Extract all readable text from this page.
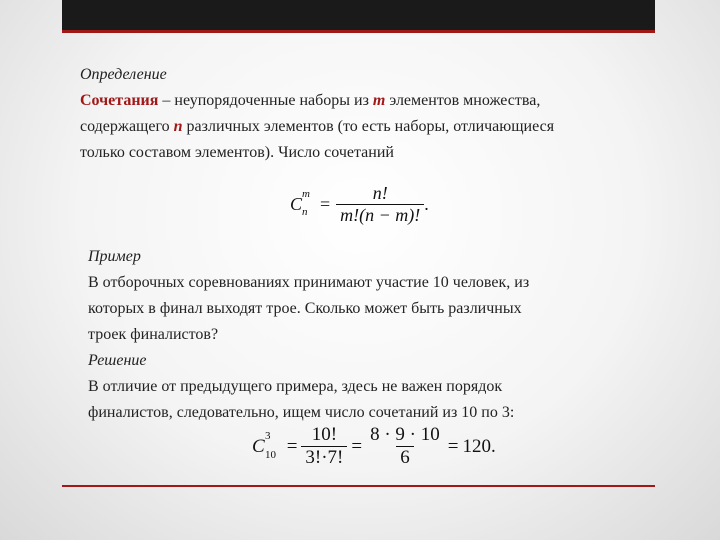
Определение
Сочетания – неупорядоченные наборы из m элементов множества,
содержащего n различных элементов (то есть наборы, отличающиеся
только составом элементов). Число сочетаний
C m
$n = \frac{n!}{m!(n - m)!}$ .
Пример
В отборочных соревнованиях принимают участие 10 человек, из
которых в финал выходят трое. Сколько может быть различных
троек финалистов?
Решение
В отличие от предыдущего примера, здесь не важен порядок
финалистов, следовательно, ищем число сочетаний из 10 по 3:
C 3
$10 = \frac{10!}{3!\cdot 7!} = \frac{8 \cdot 9 \cdot 10}{6} = 120$.
